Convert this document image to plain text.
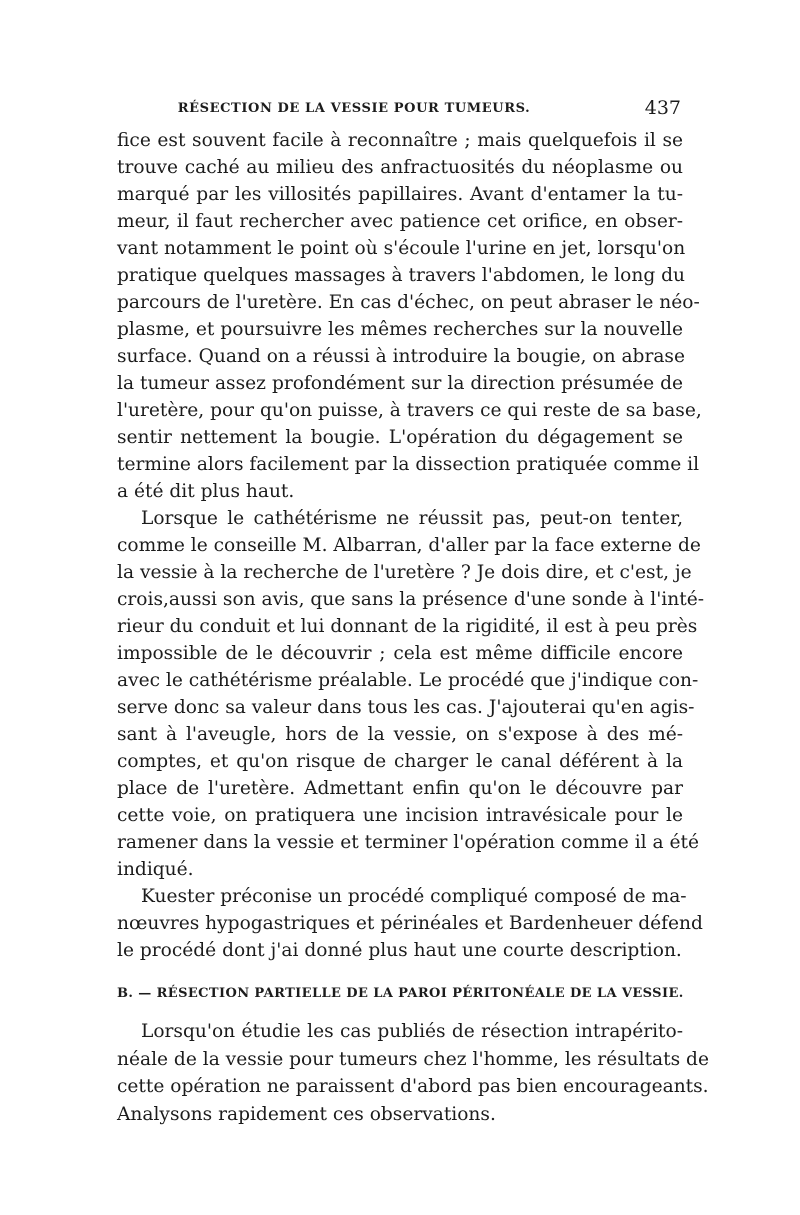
RÉSECTION DE LA VESSIE POUR TUMEURS.	437
fice est souvent facile à reconnaître ; mais quelquefois il se
trouve caché au milieu des anfractuosités du néoplasme ou
marqué par les villosités papillaires. Avant d'entamer la tu-
meur, il faut rechercher avec patience cet orifice, en obser-
vant notamment le point où s'écoule l'urine en jet, lorsqu'on
pratique quelques massages à travers l'abdomen, le long du
parcours de l'uretère. En cas d'échec, on peut abraser le néo-
plasme, et poursuivre les mêmes recherches sur la nouvelle
surface. Quand on a réussi à introduire la bougie, on abrase
la tumeur assez profondément sur la direction présumée de
l'uretère, pour qu'on puisse, à travers ce qui reste de sa base,
sentir nettement la bougie. L'opération du dégagement se
termine alors facilement par la dissection pratiquée comme il
a été dit plus haut.
Lorsque le cathétérisme ne réussit pas, peut-on tenter,
comme le conseille M. Albarran, d'aller par la face externe de
la vessie à la recherche de l'uretère ? Je dois dire, et c'est, je
crois,aussi son avis, que sans la présence d'une sonde à l'inté-
rieur du conduit et lui donnant de la rigidité, il est à peu près
impossible de le découvrir ; cela est même difficile encore
avec le cathétérisme préalable. Le procédé que j'indique con-
serve donc sa valeur dans tous les cas. J'ajouterai qu'en agis-
sant à l'aveugle, hors de la vessie, on s'expose à des mé-
comptes, et qu'on risque de charger le canal déférent à la
place de l'uretère. Admettant enfin qu'on le découvre par
cette voie, on pratiquera une incision intravésicale pour le
ramener dans la vessie et terminer l'opération comme il a été
indiqué.
Kuester préconise un procédé compliqué composé de ma-
nœuvres hypogastriques et périnéales et Bardenheuer défend
le procédé dont j'ai donné plus haut une courte description.
B. — RÉSECTION PARTIELLE DE LA PAROI PÉRITONÉALE DE LA VESSIE.
Lorsqu'on étudie les cas publiés de résection intrapérito-
néale de la vessie pour tumeurs chez l'homme, les résultats de
cette opération ne paraissent d'abord pas bien encourageants.
Analysons rapidement ces observations.
